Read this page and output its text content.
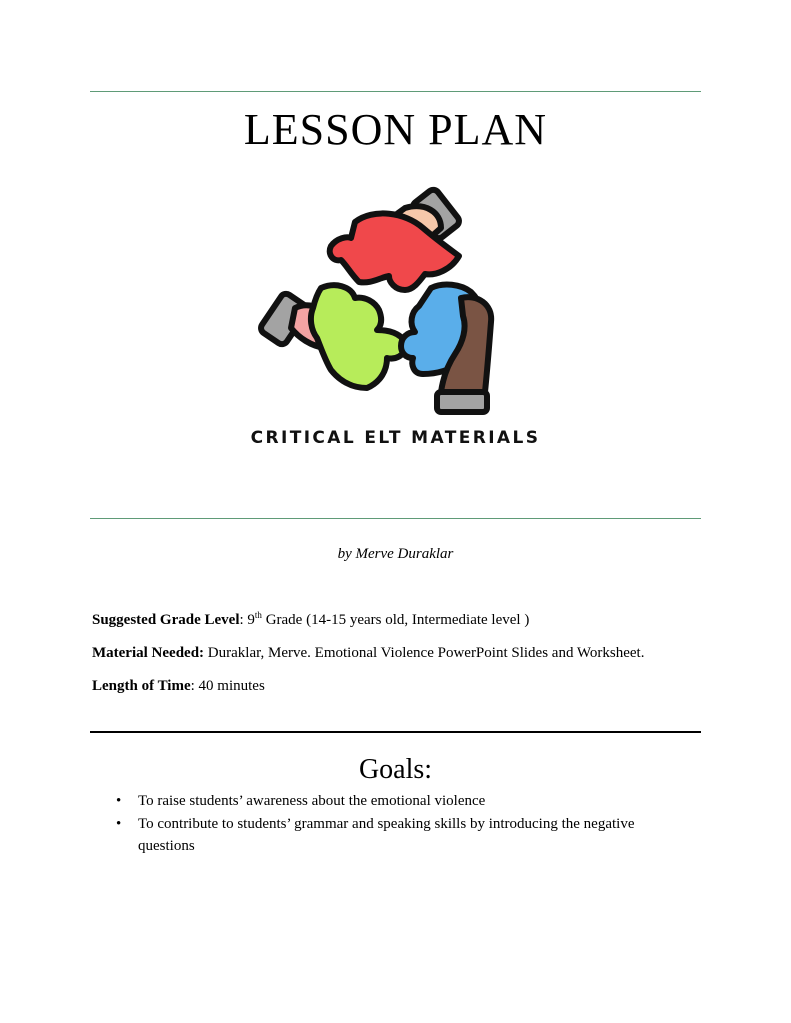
LESSON PLAN
CRITICAL ELT MATERIALS
by Merve Duraklar
Suggested Grade Level: 9th Grade (14-15 years old, Intermediate level )
Material Needed: Duraklar, Merve. Emotional Violence PowerPoint Slides and Worksheet.
Length of Time: 40 minutes
Goals:
• To raise students’ awareness about the emotional violence
• To contribute to students’ grammar and speaking skills by introducing the negative questions
